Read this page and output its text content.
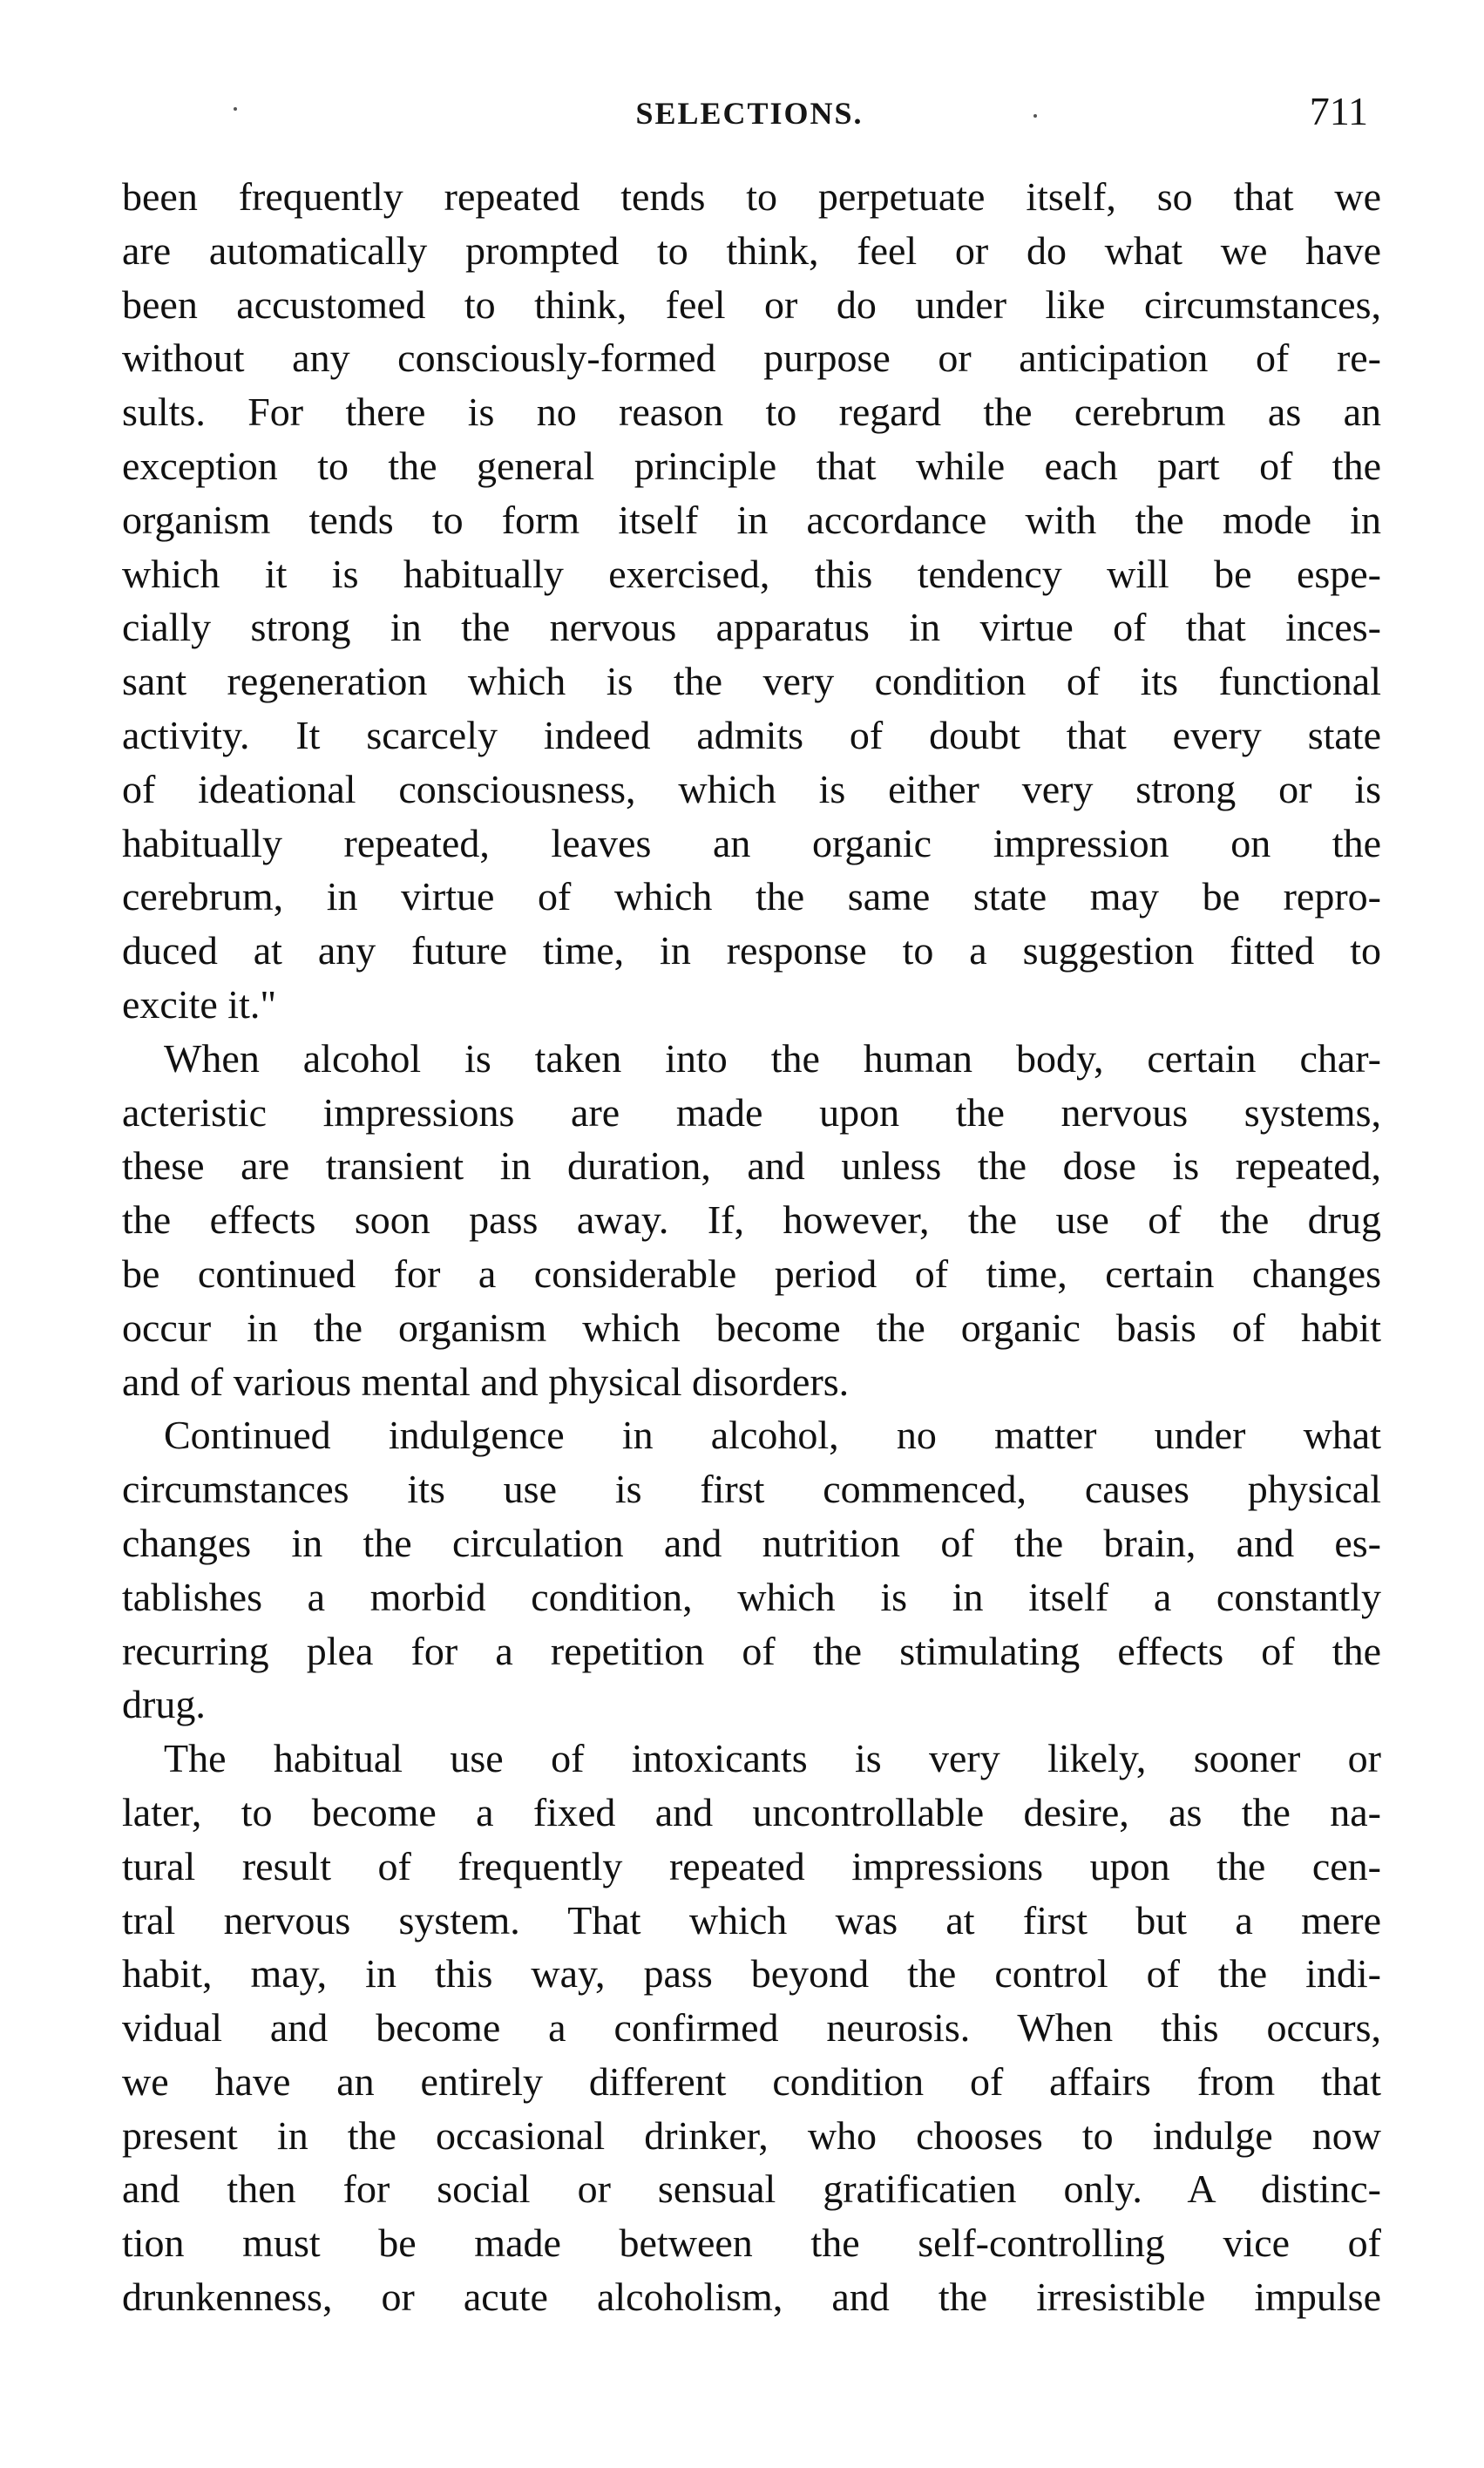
SELECTIONS.	711
been frequently repeated tends to perpetuate itself, so that we
are automatically prompted to think, feel or do what we have
been accustomed to think, feel or do under like circumstances,
without any consciously-formed purpose or anticipation of re-
sults. For there is no reason to regard the cerebrum as an
exception to the general principle that while each part of the
organism tends to form itself in accordance with the mode in
which it is habitually exercised, this tendency will be espe-
cially strong in the nervous apparatus in virtue of that inces-
sant regeneration which is the very condition of its functional
activity. It scarcely indeed admits of doubt that every state
of ideational consciousness, which is either very strong or is
habitually repeated, leaves an organic impression on the
cerebrum, in virtue of which the same state may be repro-
duced at any future time, in response to a suggestion fitted to
excite it."
When alcohol is taken into the human body, certain char-
acteristic impressions are made upon the nervous systems,
these are transient in duration, and unless the dose is repeated,
the effects soon pass away. If, however, the use of the drug
be continued for a considerable period of time, certain changes
occur in the organism which become the organic basis of habit
and of various mental and physical disorders.
Continued indulgence in alcohol, no matter under what
circumstances its use is first commenced, causes physical
changes in the circulation and nutrition of the brain, and es-
tablishes a morbid condition, which is in itself a constantly
recurring plea for a repetition of the stimulating effects of the
drug.
The habitual use of intoxicants is very likely, sooner or
later, to become a fixed and uncontrollable desire, as the na-
tural result of frequently repeated impressions upon the cen-
tral nervous system. That which was at first but a mere
habit, may, in this way, pass beyond the control of the indi-
vidual and become a confirmed neurosis. When this occurs,
we have an entirely different condition of affairs from that
present in the occasional drinker, who chooses to indulge now
and then for social or sensual gratificatien only. A distinc-
tion must be made between the self-controlling vice of
drunkenness, or acute alcoholism, and the irresistible impulse
